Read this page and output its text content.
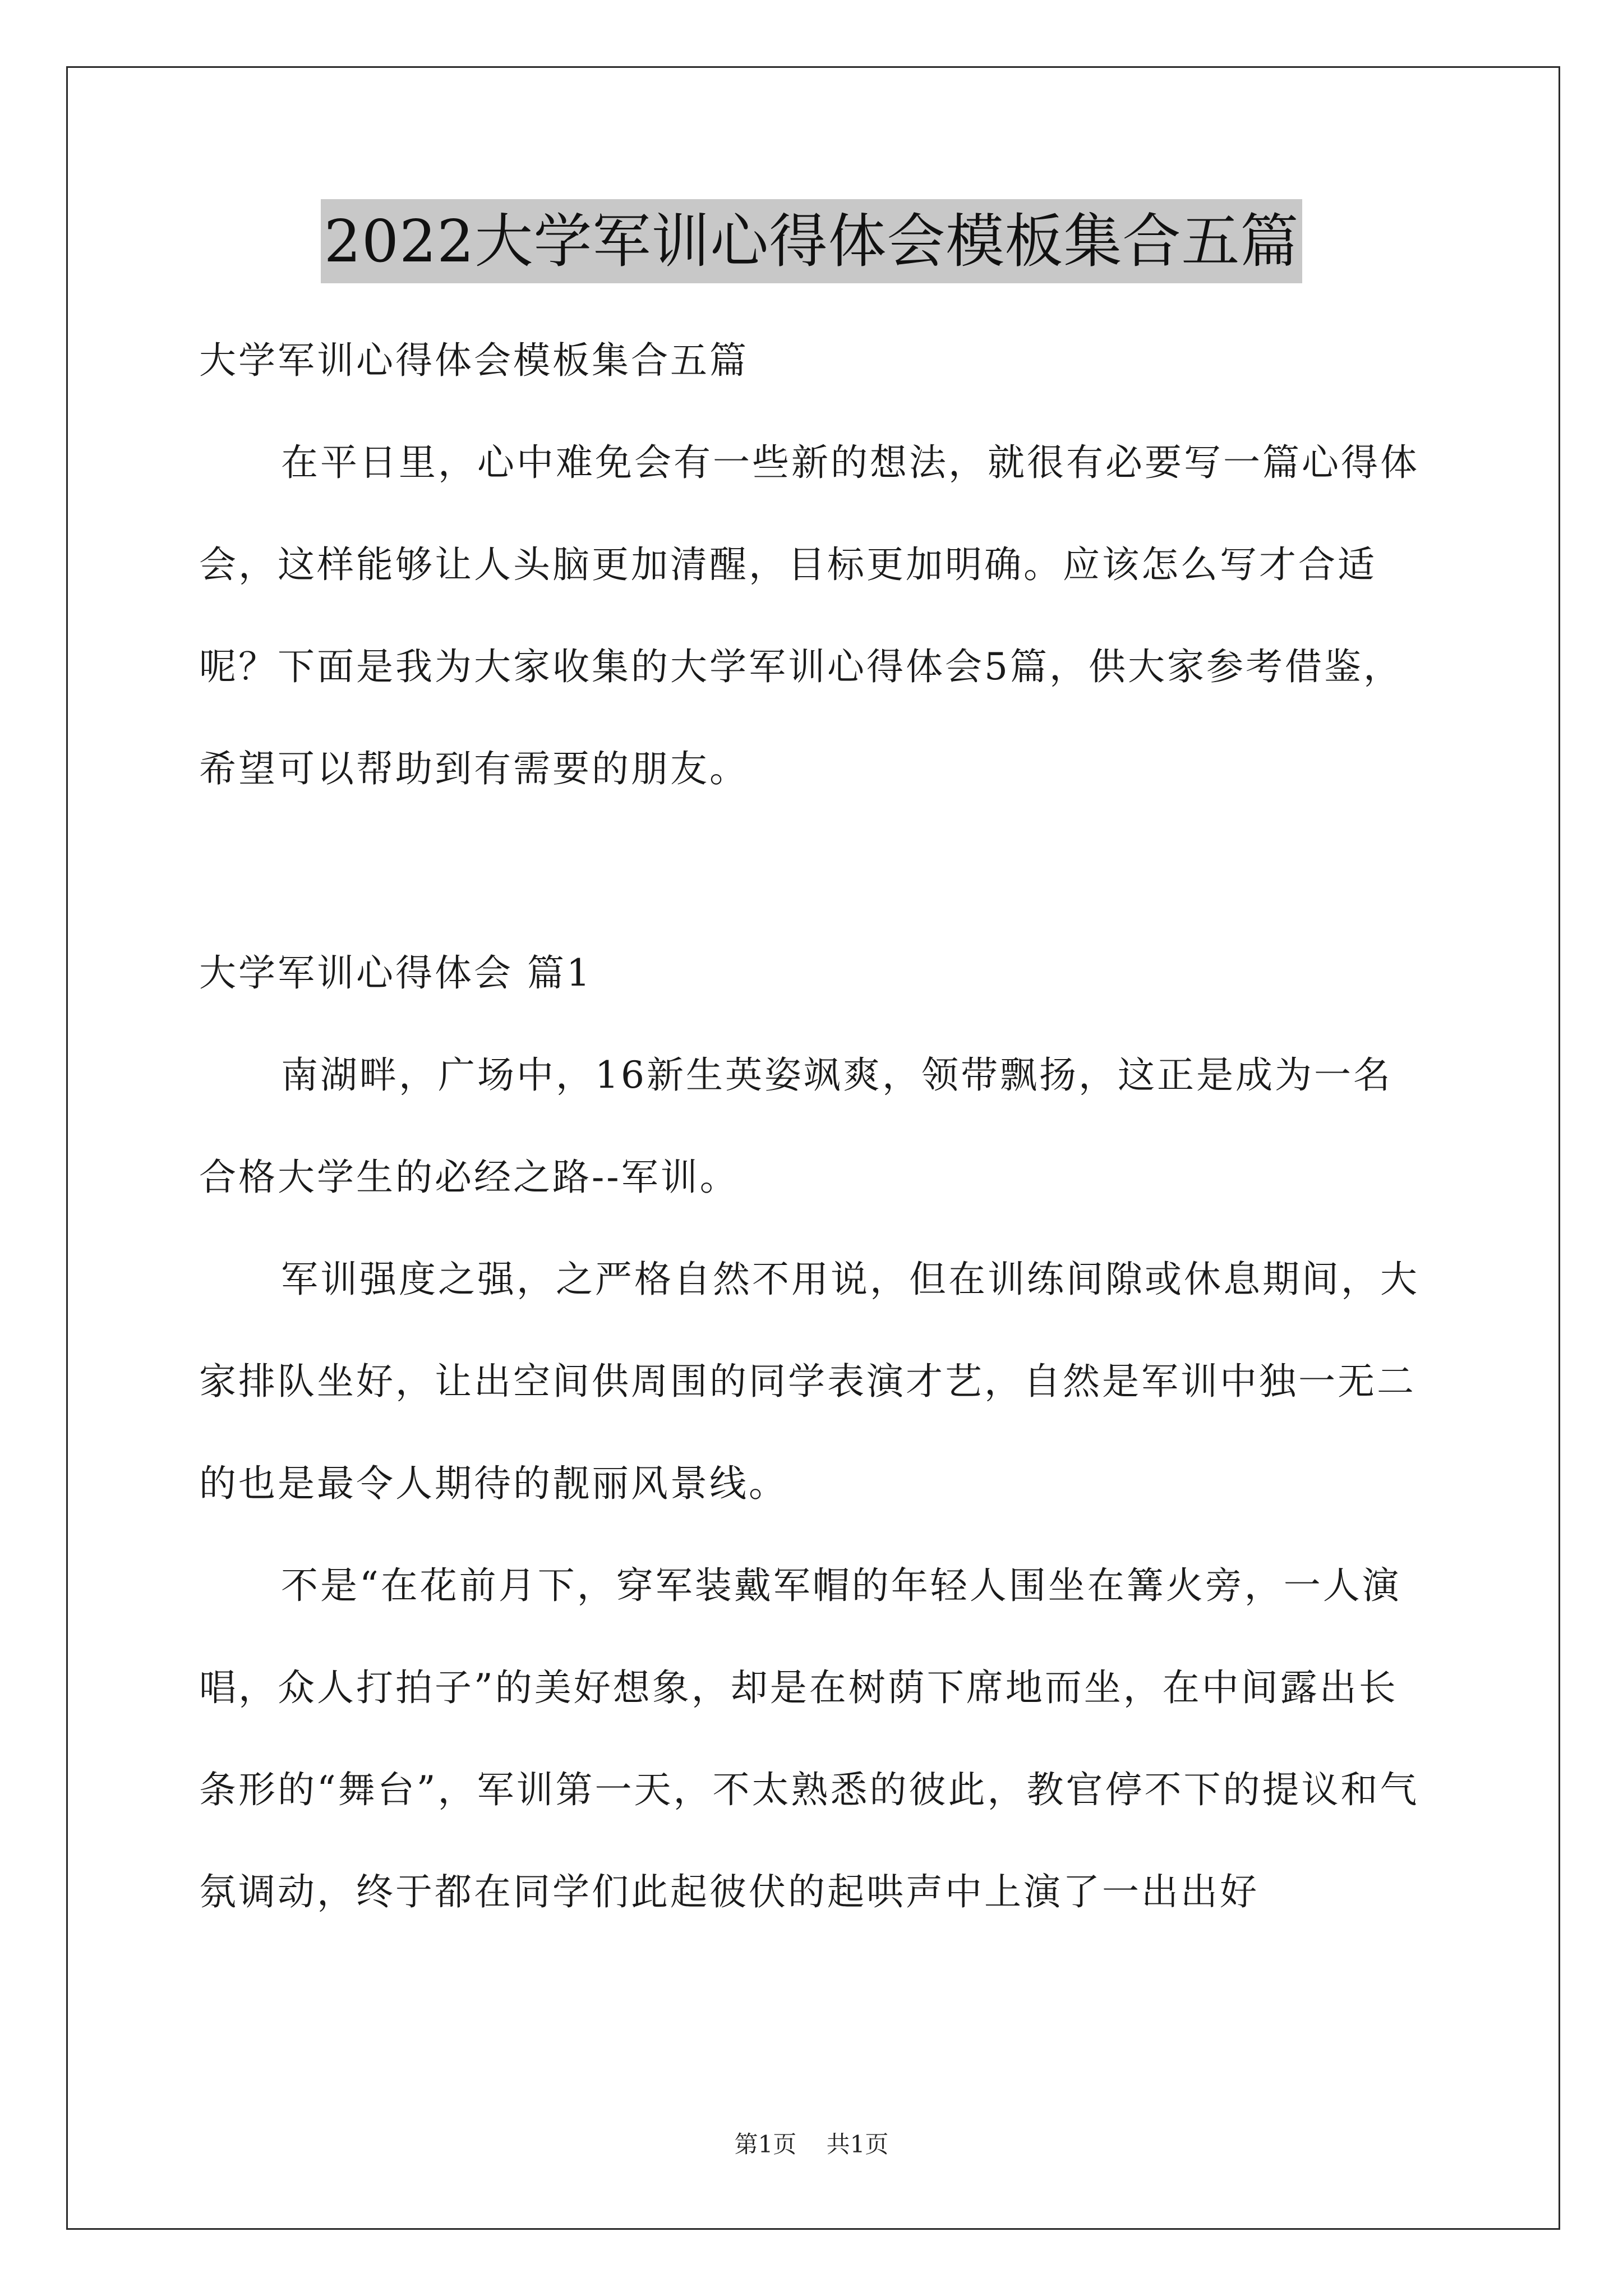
2022大学军训心得体会模板集合五篇

大学军训心得体会模板集合五篇

在平日里，心中难免会有一些新的想法，就很有必要写一篇心得体会，这样能够让人头脑更加清醒，目标更加明确。应该怎么写才合适呢？下面是我为大家收集的大学军训心得体会5篇，供大家参考借鉴，希望可以帮助到有需要的朋友。

大学军训心得体会 篇1

南湖畔，广场中，16新生英姿飒爽，领带飘扬，这正是成为一名合格大学生的必经之路--军训。

军训强度之强，之严格自然不用说，但在训练间隙或休息期间，大家排队坐好，让出空间供周围的同学表演才艺，自然是军训中独一无二的也是最令人期待的靓丽风景线。

不是“在花前月下，穿军装戴军帽的年轻人围坐在篝火旁，一人演唱，众人打拍子”的美好想象，却是在树荫下席地而坐，在中间露出长条形的“舞台”，军训第一天，不太熟悉的彼此，教官停不下的提议和气氛调动，终于都在同学们此起彼伏的起哄声中上演了一出出好

第1页 共1页
